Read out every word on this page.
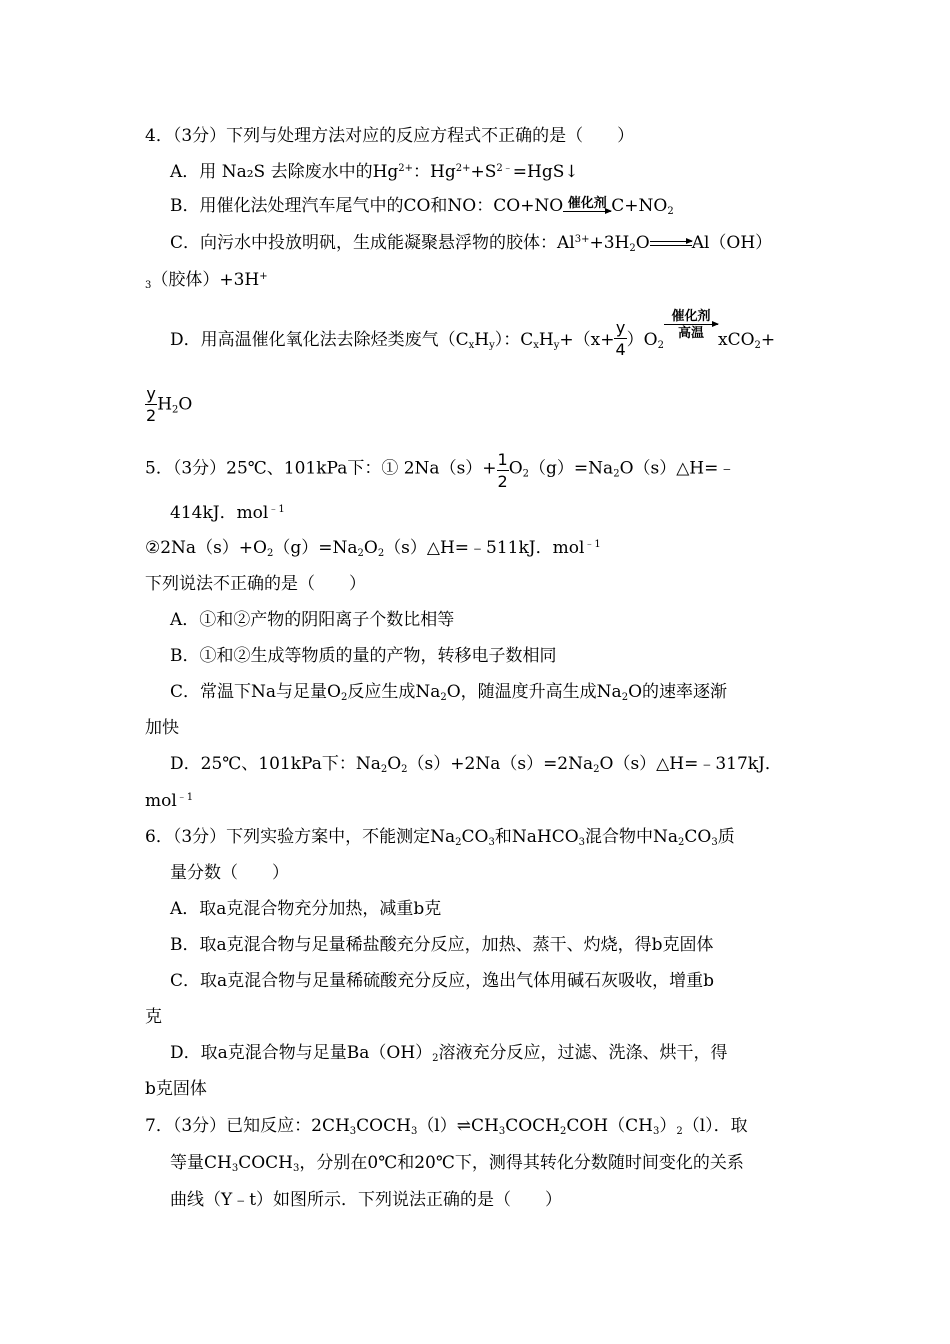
4．（3分）下列与处理方法对应的反应方程式不正确的是（　　）
A．用 Na₂S 去除废水中的$Hg^{2+}$：$Hg^{2+}+S^{2﹣}=HgS↓$
B．用催化法处理汽车尾气中的CO和NO：CO+NO 催化剂 $C+NO_2$
C．向污水中投放明矾，生成能凝聚悬浮物的胶体：$Al^{3+}+3H_2O$ Al（OH）
$_3$（胶体）+3H+
D．用高温催化氧化法去除烃类废气$(C_xH_y)$：$C_xH_y+(x+ \frac{y}{4} )O_2$
催化剂
高温 xCO$_2$+
$\frac{y}{2} H_2O$
5．（3分）25℃、101kPa下：① $2Na(s)+ \frac{1}{2}$ $O_2(g)=Na_2O(s)\triangle H=﹣$
414kJ．mol$^{﹣1}$
$②2Na(s)+O_2(g)=Na_2O_2(s)\triangle H=﹣511kJ$．mol$^{﹣1}$
下列说法不正确的是（　　）
A．①和②产物的阴阳离子个数比相等
B．①和②生成等物质的量的产物，转移电子数相同
C．常温下Na与足量$O_2$反应生成$Na_2O$，随温度升高生成$Na_2O$的速率逐渐
加快
D．25℃、101kPa下：$Na_2O_2(s)+2Na(s)=2Na_2O(s)\triangle H=﹣317kJ$．
mol$^{﹣1}$
6．（3分）下列实验方案中，不能测定$Na_2CO_3$和NaHCO$_3$混合物中$Na_2CO_3$质
量分数（　　）
A．取a克混合物充分加热，减重b克
B．取a克混合物与足量稀盐酸充分反应，加热、蒸干、灼烧，得b克固体
C．取a克混合物与足量稀硫酸充分反应，逸出气体用碱石灰吸收，增重b
克
D．取a克混合物与足量$Ba(OH)_2$溶液充分反应，过滤、洗涤、烘干，得
b克固体
7．（3分）已知反应：$2CH_3COCH_3(l)\rightleftharpoons CH_3COCH_2COH(CH_3)_2(l)$．取
等量$CH_3COCH_3$，分别在0℃和20℃下，测得其转化分数随时间变化的关系
曲线（Y﹣t）如图所示．下列说法正确的是（　　）
